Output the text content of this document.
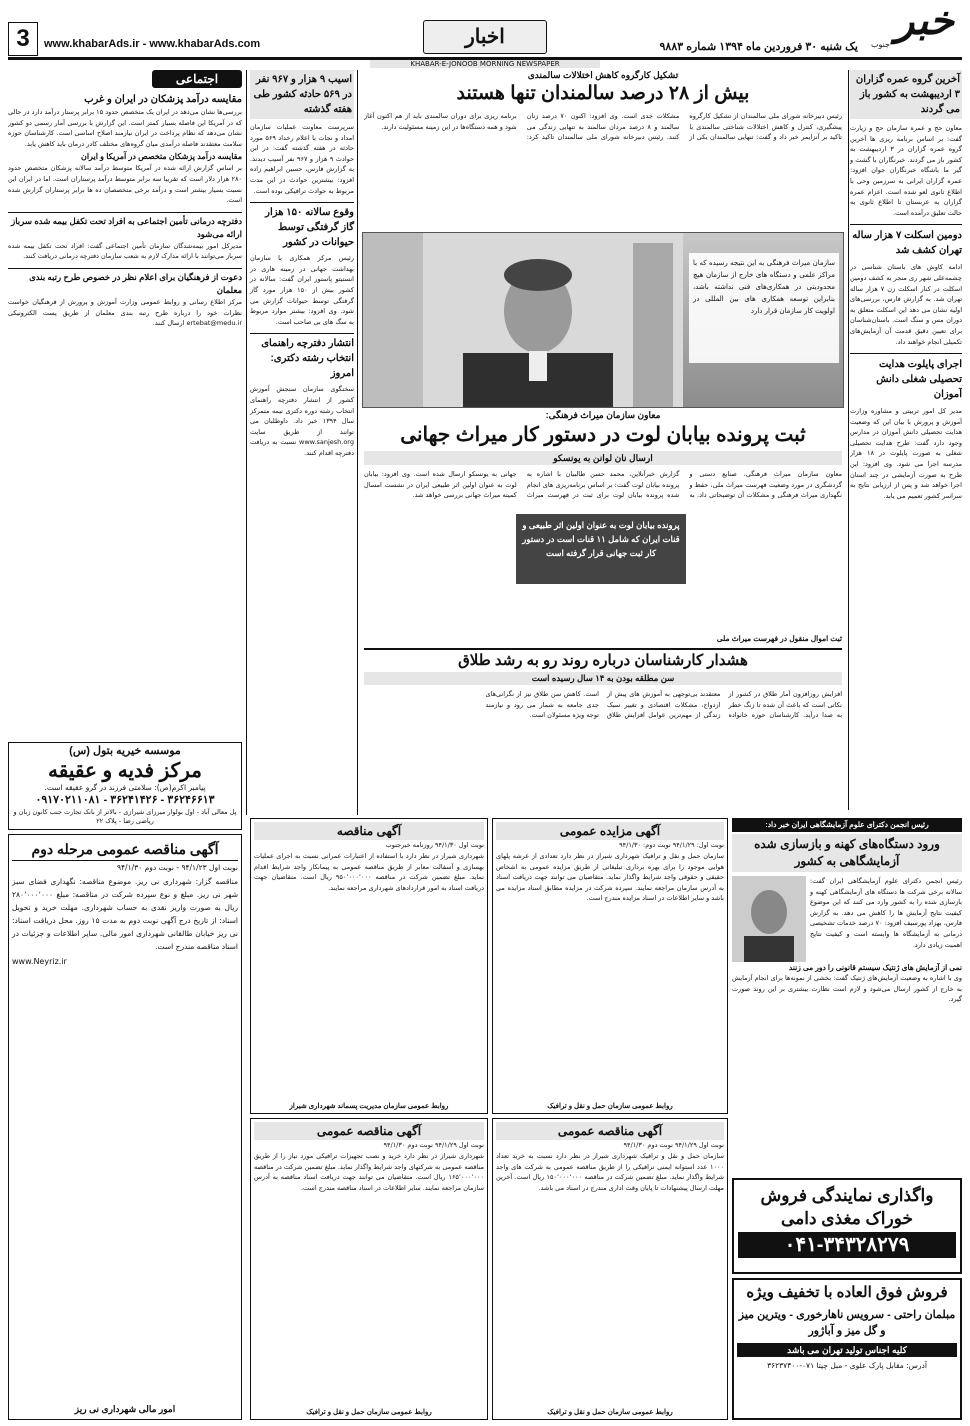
خبر
جنوب
یک شنبه ۳۰ فروردین ماه ۱۳۹۴ شماره ۹۸۸۳
اخبار
www.khabarAds.ir - www.khabarAds.com
3
KHABAR-E-JONOOB MORNING NEWSPAPER
آخرین گروه عمره گزاران ۳ اردیبهشت به کشور باز می گردند

معاون حج و عمره سازمان حج و زیارت گفت: بر اساس برنامه ریزی ها آخرین گروه عمره گزاران در ۳ اردیبهشت به کشور باز می گردند. خبرنگاران با گشت و گیر ما باشگاه خبرنگاران جوان افزود: عمره گزاران ایرانی به سرزمین وحی با اطلاع ثانوی لغو شده است. اعزام عمره گزاران به عربستان تا اطلاع ثانوی به حالت تعلیق درآمده است.

دومین اسکلت ۷ هزار ساله تهران کشف شد

ادامه کاوش های باستان شناسی در چشمه‌علی شهر ری منجر به کشف دومین اسکلت در کنار اسکلت زن ۷ هزار ساله تهران شد. به گزارش فارس، بررسی‌های اولیه نشان می دهد این اسکلت متعلق به دوران مس و سنگ است. باستان‌شناسان برای تعیین دقیق قدمت آن آزمایش‌های تکمیلی انجام خواهند داد.

اجرای پایلوت هدایت تحصیلی شغلی دانش آموزان

مدیر کل امور تربیتی و مشاوره وزارت آموزش و پرورش با بیان این که وضعیت هدایت تحصیلی دانش آموزان در مدارس وجود دارد گفت: طرح هدایت تحصیلی شغلی به صورت پایلوت در ۱۸ هزار مدرسه اجرا می شود. وی افزود: این طرح به صورت آزمایشی در چند استان اجرا خواهد شد و پس از ارزیابی نتایج به سراسر کشور تعمیم می یابد.

تشکیل کارگروه کاهش اختلالات سالمندی
بیش از ۲۸ درصد سالمندان تنها هستند

رئیس دبیرخانه شورای ملی سالمندان از تشکیل کارگروه پیشگیری، کنترل و کاهش اختلالات شناختی سالمندی با تاکید بر آنزایمر خبر داد و گفت: تنهایی سالمندان یکی از مشکلات جدی است. وی افزود: اکنون ۷۰ درصد زنان سالمند و ۸ درصد مردان سالمند به تنهایی زندگی می کنند. رئیس دبیرخانه شورای ملی سالمندان تاکید کرد: برنامه ریزی برای دوران سالمندی باید از هم اکنون آغاز شود و همه دستگاه‌ها در این زمینه مسئولیت دارند.

سازمان میراث فرهنگی به این نتیجه رسیده که با مراکز علمی و دستگاه های خارج از سازمان هیچ محدودیتی در همکاری‌های فنی نداشته باشد، بنابراین توسعه همکاری های بین المللی در اولویت کار سازمان قرار دارد

معاون سازمان میراث فرهنگی:
ثبت پرونده بیابان لوت در دستور کار میراث جهانی
ارسال نان لوانن به یونسکو
پرونده بیابان لوت به عنوان اولین اثر طبیعی و قنات ایران که شامل ۱۱ قنات است در دستور کار ثبت جهانی قرار گرفته است

معاون سازمان میراث فرهنگی، صنایع دستی و گردشگری در مورد وضعیت فهرست میراث ملی، حفظ و نگهداری میراث فرهنگی و مشکلات آن توضیحاتی داد. به گزارش خبرآنلاین، محمد حسن طالبیان با اشاره به پرونده بیابان لوت گفت: بر اساس برنامه‌ریزی های انجام شده پرونده بیابان لوت برای ثبت در فهرست میراث جهانی به یونسکو ارسال شده است. وی افزود: بیابان لوت به عنوان اولین اثر طبیعی ایران در نشست امسال کمیته میراث جهانی بررسی خواهد شد.

ثبت اموال منقول در فهرست میراث ملی
هشدار کارشناسان درباره روند رو به رشد طلاق
سن مطلقه بودن به ۱۴ سال رسیده است

افزایش روزافزون آمار طلاق در کشور از نکاتی است که باعث آن شده تا زنگ خطر به صدا درآید. کارشناسان حوزه خانواده معتقدند بی‌توجهی به آموزش های پیش از ازدواج، مشکلات اقتصادی و تغییر سبک زندگی از مهم‌ترین عوامل افزایش طلاق است. کاهش سن طلاق نیز از نگرانی‌های جدی جامعه به شمار می رود و نیازمند توجه ویژه مسئولان است.

اسیب ۹ هزار و ۹۶۷ نفر در ۵۶۹ حادثه کشور طی هفته گذشته

سرپرست معاونت عملیات سازمان امداد و نجات با اعلام رخداد ۵۶۹ مورد حادثه در هفته گذشته گفت: در این حوادث ۹ هزار و ۹۶۷ نفر آسیب دیدند. به گزارش فارس، حسین ابراهیم زاده افزود: بیشترین حوادث در این مدت مربوط به حوادث ترافیکی بوده است.

وقوع سالانه ۱۵۰ هزار گاز گرفتگی توسط حیوانات در کشور

رئیس مرکز همکاری با سازمان بهداشت جهانی در زمینه هاری در انستیتو پاستور ایران گفت: سالانه در کشور بیش از ۱۵۰ هزار مورد گاز گرفتگی توسط حیوانات گزارش می شود. وی افزود: بیشتر موارد مربوط به سگ های بی صاحب است.

انتشار دفترچه راهنمای انتخاب رشته دکتری: امروز

سخنگوی سازمان سنجش آموزش کشور از انتشار دفترچه راهنمای انتخاب رشته دوره دکتری نیمه متمرکز سال ۱۳۹۴ خبر داد. داوطلبان می توانند از طریق سایت www.sanjesh.org نسبت به دریافت دفترچه اقدام کنند.

اجتماعی
مقایسه درآمد پزشکان در ایران و غرب

بررسی‌ها نشان می‌دهد در ایران یک متخصص حدود ۱۵ برابر پرستار درآمد دارد در حالی که در آمریکا این فاصله بسیار کمتر است. این گزارش با بررسی آمار رسمی دو کشور نشان می‌دهد که نظام پرداخت در ایران نیازمند اصلاح اساسی است. کارشناسان حوزه سلامت معتقدند فاصله درآمدی میان گروه‌های مختلف کادر درمان باید کاهش یابد.

مقایسه درآمد پزشکان متخصص در آمریکا و ایران

بر اساس گزارش ارائه شده در آمریکا متوسط درآمد سالانه پزشکان متخصص حدود ۲۸۰ هزار دلار است که تقریبا سه برابر متوسط درآمد پرستاران است. اما در ایران این نسبت بسیار بیشتر است و درآمد برخی متخصصان ده ها برابر پرستاران گزارش شده است.

دفترچه درمانی تأمین اجتماعی به افراد تحت تکفل بیمه شده سرباز ارائه می‌شود

مدیرکل امور بیمه‌شدگان سازمان تأمین اجتماعی گفت: افراد تحت تکفل بیمه شده سرباز می‌توانند با ارائه مدارک لازم به شعب سازمان دفترچه درمانی دریافت کنند.

دعوت از فرهنگیان برای اعلام نظر در خصوص طرح رتبه بندی معلمان

مرکز اطلاع رسانی و روابط عمومی وزارت آموزش و پرورش از فرهنگیان خواست نظرات خود را درباره طرح رتبه بندی معلمان از طریق پست الکترونیکی ertebat@medu.ir ارسال کنند.

موسسه خیریه بتول (س)
مرکز فدیه و عقیقه
پیامبر اکرم(ص): سلامتی فرزند در گرو عقیقه است.
۳۶۲۴۶۶۱۳ - ۳۶۲۴۱۴۲۶ - ۰۹۱۷۰۲۱۱۰۸۱
پل معالی آباد - اول بولوار میرزای شیرازی - بالاتر از بانک تجارت جنب کانون زبان و ریاضی رضا - پلاک ۲۲
آگهی مناقصه عمومی مرحله دوم
نوبت اول ۹۴/۱/۲۳ - نوبت دوم ۹۴/۱/۳۰

مناقصه گزار: شهرداری نی ریز. موضوع مناقصه: نگهداری فضای سبز شهر نی ریز. مبلغ و نوع سپرده شرکت در مناقصه: مبلغ ۲۸۰٬۰۰۰٬۰۰۰ ریال به صورت واریز نقدی به حساب شهرداری. مهلت خرید و تحویل اسناد: از تاریخ درج آگهی نوبت دوم به مدت ۱۵ روز. محل دریافت اسناد: نی ریز خیابان طالقانی شهرداری امور مالی. سایر اطلاعات و جزئیات در اسناد مناقصه مندرج است.

www.Neyriz.ir
امور مالی شهرداری نی ریز
آگهی مزایده عمومی
نوبت اول: ۹۴/۱/۲۹ نوبت دوم: ۹۴/۱/۳۰

سازمان حمل و نقل و ترافیک شهرداری شیراز در نظر دارد تعدادی از عرشه پلهای هوایی موجود را برای بهره برداری تبلیغاتی از طریق مزایده عمومی به اشخاص حقیقی و حقوقی واجد شرایط واگذار نماید. متقاضیان می توانند جهت دریافت اسناد به آدرس سازمان مراجعه نمایند. سپرده شرکت در مزایده مطابق اسناد مزایده می باشد و سایر اطلاعات در اسناد مزایده مندرج است.

روابط عمومی سازمان حمل و نقل و ترافیک
آگهی مناقصه
نوبت اول ۹۴/۱/۳۰ روزنامه خبرجنوب

شهرداری شیراز در نظر دارد با استفاده از اعتبارات عمرانی نسبت به اجرای عملیات بهسازی و آسفالت معابر از طریق مناقصه عمومی به پیمانکار واجد شرایط اقدام نماید. مبلغ تضمین شرکت در مناقصه ۹۵۰٬۰۰۰٬۰۰۰ ریال است. متقاضیان جهت دریافت اسناد به امور قراردادهای شهرداری مراجعه نمایند.

روابط عمومی سازمان مدیریت پسماند شهرداری شیراز
آگهی مناقصه عمومی
نوبت اول ۹۴/۱/۲۹ نوبت دوم ۹۴/۱/۳۰

سازمان حمل و نقل و ترافیک شهرداری شیراز در نظر دارد نسبت به خرید تعداد ۱۰۰۰ عدد استوانه ایمنی ترافیکی را از طریق مناقصه عمومی به شرکت های واجد شرایط واگذار نماید. مبلغ تضمین شرکت در مناقصه ۱۵۰٬۰۰۰٬۰۰۰ ریال است. آخرین مهلت ارسال پیشنهادات تا پایان وقت اداری مندرج در اسناد می باشد.

روابط عمومی سازمان حمل و نقل و ترافیک
آگهی مناقصه عمومی
نوبت اول ۹۴/۱/۲۹ نوبت دوم ۹۴/۱/۳۰

شهرداری شیراز در نظر دارد خرید و نصب تجهیزات ترافیکی مورد نیاز را از طریق مناقصه عمومی به شرکتهای واجد شرایط واگذار نماید. مبلغ تضمین شرکت در مناقصه ۱۶۵٬۰۰۰٬۰۰۰ ریال است. متقاضیان می توانند جهت دریافت اسناد مناقصه به آدرس سازمان مراجعه نمایند. سایر اطلاعات در اسناد مناقصه مندرج است.

روابط عمومی سازمان حمل و نقل و ترافیک
رئیس انجمن دکترای علوم آزمایشگاهی ایران خبر داد:
ورود دستگاه‌های کهنه و بازسازی شده آزمایشگاهی به کشور

رئیس انجمن دکترای علوم آزمایشگاهی ایران گفت: سالانه برخی شرکت ها دستگاه های آزمایشگاهی کهنه و بازسازی شده را به کشور وارد می کنند که این موضوع کیفیت نتایج آزمایش ها را کاهش می دهد. به گزارش فارس، بهزاد پورسیف افزود: ۷۰ درصد خدمات تشخیصی درمانی به آزمایشگاه ها وابسته است و کیفیت نتایج اهمیت زیادی دارد.

نمی از آزمایش های ژنتیک سیستم قانونی را دور می زنند

وی با اشاره به وضعیت آزمایش‌های ژنتیک گفت: بخشی از نمونه‌ها برای انجام آزمایش به خارج از کشور ارسال می‌شود و لازم است نظارت بیشتری بر این روند صورت گیرد.

واگذاری نمایندگی فروش خوراک مغذی دامی
۰۴۱-۳۴۳۲۸۲۷۹
فروش فوق العاده با تخفیف ویژه
مبلمان راحتی - سرویس ناهارخوری - ویترین میز و گل میز و آباژور
کلیه اجناس تولید تهران می باشد
آدرس: مقابل پارک علوی - مبل چیتا ۰۷۱-۳۶۲۳۷۴۰۰
